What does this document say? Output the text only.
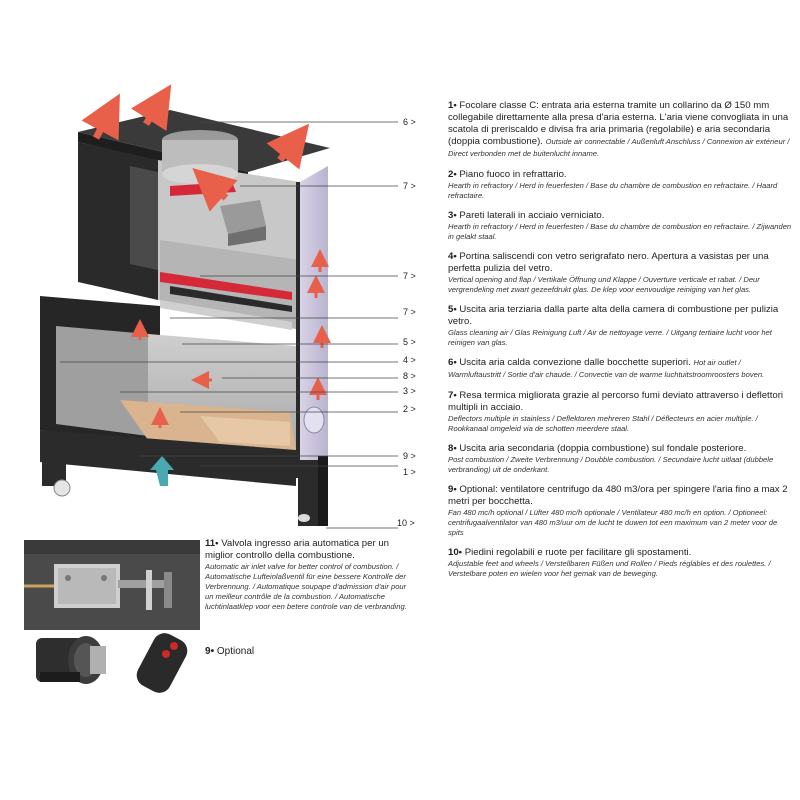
6 >
7 >
7 >
7 >
5 >
4 >
8 >
3 >
2 >
9 >
1 >
10 >
1• Focolare classe C: entrata aria esterna tramite un collarino da Ø 150 mm collegabile direttamente alla presa d'aria esterna. L'aria viene convogliata in una scatola di preriscaldo e divisa fra aria primaria (regolabile) e aria secondaria (doppia combustione). Outside air connectable / Außenluft Anschluss / Connexion air extérieur / Direct verbonden met de buitenlucht inname.
2• Piano fuoco in refrattario.
Hearth in refractory / Herd in feuerfesten / Base du chambre de combustion en refractaire. / Haard refractaire.
3• Pareti laterali in acciaio verniciato.
Hearth in refractory / Herd in feuerfesten / Base du chambre de combustion en refractaire. / Zijwanden in gelakt staal.
4• Portina saliscendi con vetro serigrafato nero. Apertura a vasistas per una perfetta pulizia del vetro.
Vertical opening and flap / Vertikale Öffnung und Klappe / Ouverture verticale et rabat. / Deur vergrendeling met zwart gezeefdrukt glas. De klep voor eenvoudige reiniging van het glas.
5• Uscita aria terziaria dalla parte alta della camera di combustione per pulizia vetro.
Glass cleaning air / Glas Reinigung Luft / Air de nettoyage verre. / Uitgang tertiaire lucht voor het reinigen van glas.
6• Uscita aria calda convezione dalle bocchette superiori. Hot air outlet / Warmluftaustritt / Sortie d'air chaude. / Convectie van de warme luchtuitstroomroosters boven.
7• Resa termica migliorata grazie al percorso fumi deviato attraverso i deflettori multipli in acciaio.
Deflectors multiple in stainless / Deflektoren mehreren Stahl / Déflecteurs en acier multiple. / Rookkanaal omgeleid via de schotten meerdere staal.
8• Uscita aria secondaria (doppia combustione) sul fondale posteriore.
Post combustion / Zweite Verbrennung / Doubble combustion. / Secundaire lucht uitlaat (dubbele verbranding) uit de onderkant.
9• Optional: ventilatore centrifugo da 480 m3/ora per spingere l'aria fino a max 2 metri per bocchetta.
Fan 480 mc/h optional / Lüfter 480 mc/h optionale / Ventilateur 480 mc/h en option. / Optioneel: centrifugaalventilator van 480 m3/uur om de lucht te duwen tot een maximum van 2 meter voor de spits
10• Piedini regolabili e ruote per facilitare gli spostamenti.
Adjustable feet and wheels / Verstellbaren Füßen und Rollen / Pieds réglables et des roulettes. / Verstelbare poten en wielen voor het gemak van de beweging.
11• Valvola ingresso aria automatica per un miglior controllo della combustione.
Automatic air inlet valve for better control of combustion. / Automatische Lufteinlaßventil für eine bessere Kontrolle der Verbrennung. / Automatique soupape d'admission d'air pour un meilleur contrôle de la combustion. / Automatische luchtinlaatklep voor een betere controle van de verbranding.
9• Optional
